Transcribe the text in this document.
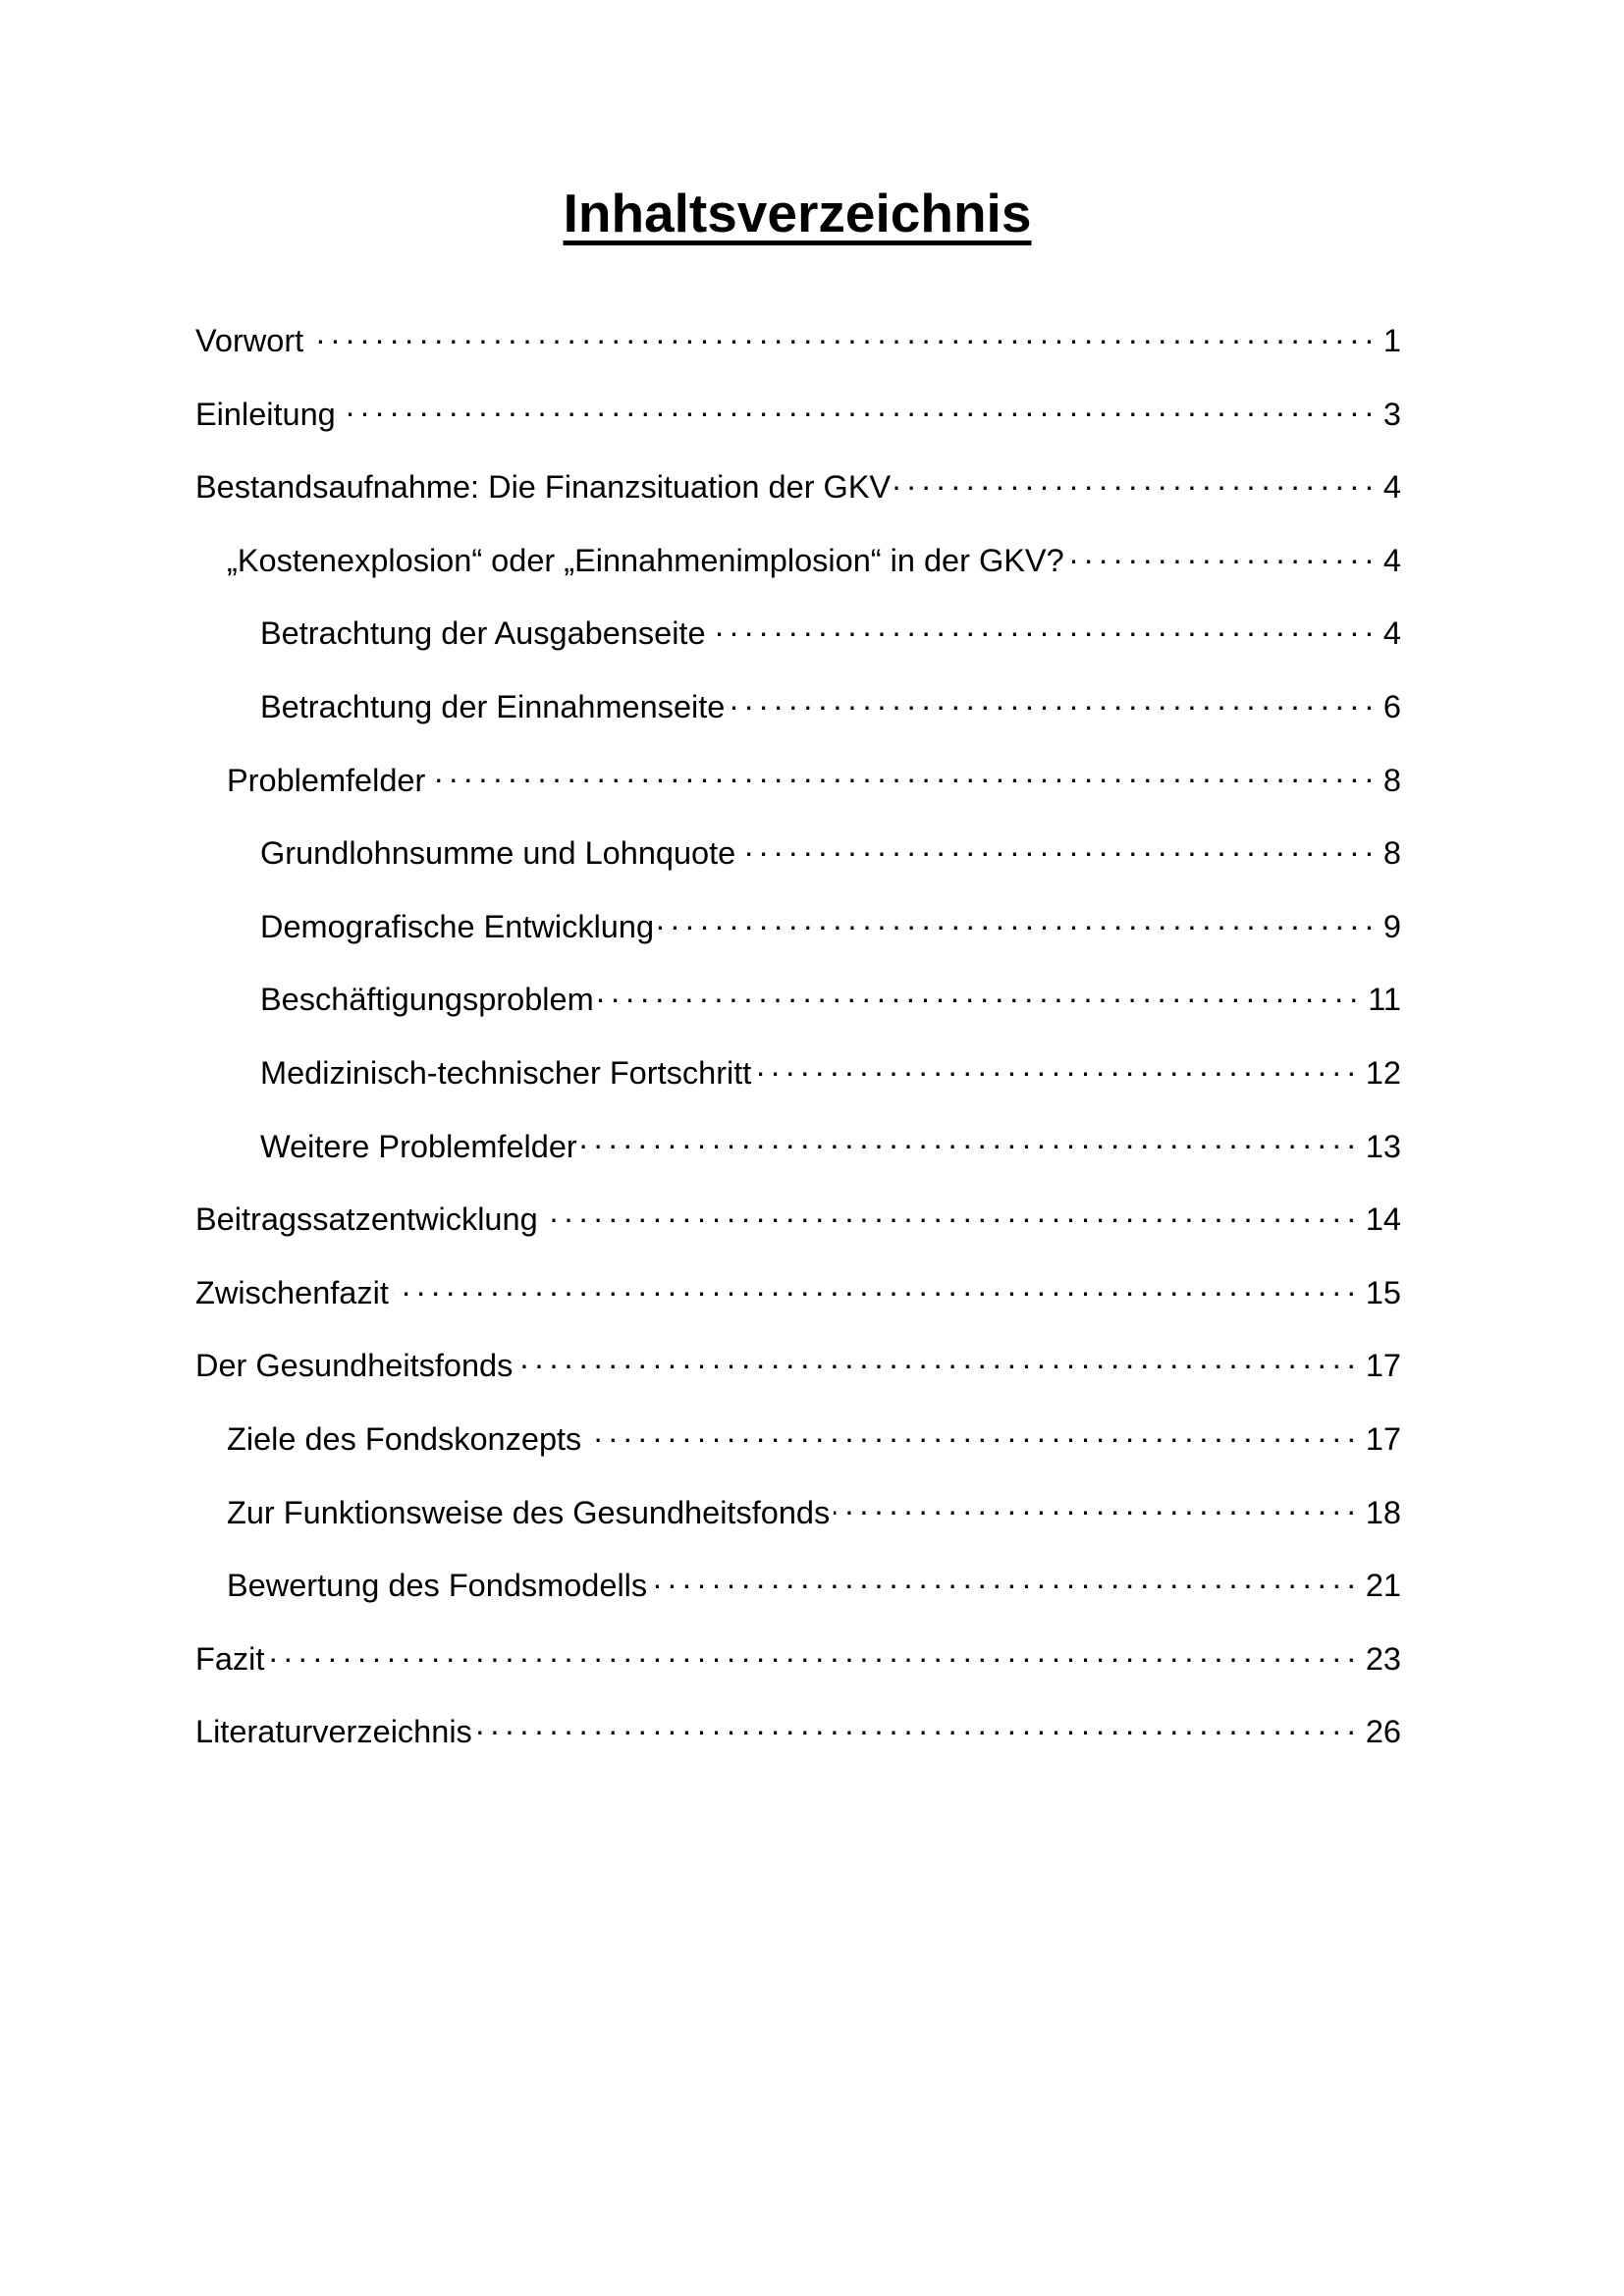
Inhaltsverzeichnis
Vorwort .....	1
Einleitung .....	3
Bestandsaufnahme: Die Finanzsituation der GKV .....	4
„Kostenexplosion“ oder „Einnahmenimplosion“ in der GKV? .....	4
Betrachtung der Ausgabenseite .....	4
Betrachtung der Einnahmenseite .....	6
Problemfelder .....	8
Grundlohnsumme und Lohnquote .....	8
Demografische Entwicklung .....	9
Beschäftigungsproblem .....	11
Medizinisch-technischer Fortschritt .....	12
Weitere Problemfelder .....	13
Beitragssatzentwicklung .....	14
Zwischenfazit .....	15
Der Gesundheitsfonds .....	17
Ziele des Fondskonzepts .....	17
Zur Funktionsweise des Gesundheitsfonds .....	18
Bewertung des Fondsmodells .....	21
Fazit .....	23
Literaturverzeichnis .....	26
